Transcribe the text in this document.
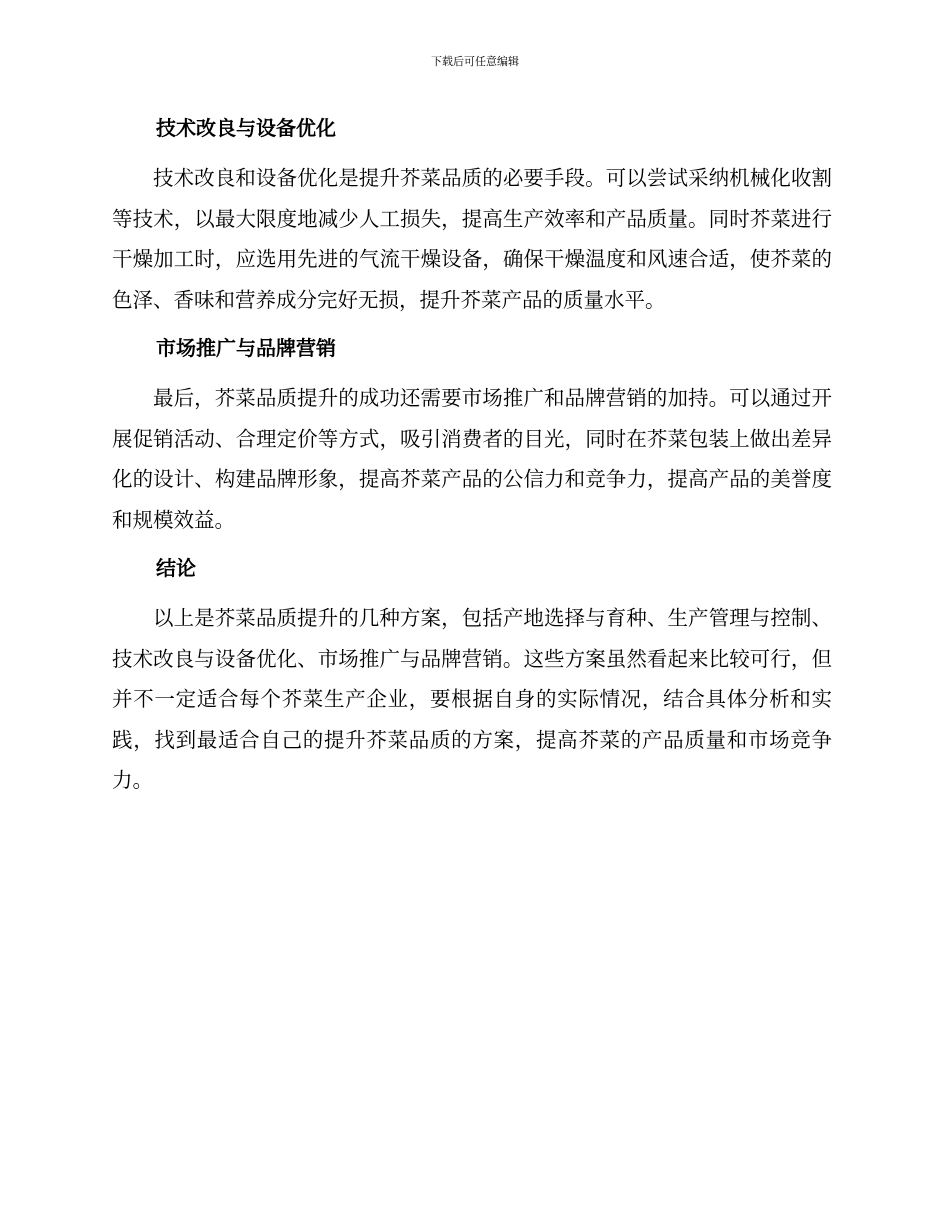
下载后可任意编辑
技术改良与设备优化

技术改良和设备优化是提升芥菜品质的必要手段。可以尝试采纳机械化收割等技术，以最大限度地减少人工损失，提高生产效率和产品质量。同时芥菜进行干燥加工时，应选用先进的气流干燥设备，确保干燥温度和风速合适，使芥菜的色泽、香味和营养成分完好无损，提升芥菜产品的质量水平。

市场推广与品牌营销

最后，芥菜品质提升的成功还需要市场推广和品牌营销的加持。可以通过开展促销活动、合理定价等方式，吸引消费者的目光，同时在芥菜包装上做出差异化的设计、构建品牌形象，提高芥菜产品的公信力和竞争力，提高产品的美誉度和规模效益。

结论

以上是芥菜品质提升的几种方案，包括产地选择与育种、生产管理与控制、技术改良与设备优化、市场推广与品牌营销。这些方案虽然看起来比较可行，但并不一定适合每个芥菜生产企业，要根据自身的实际情况，结合具体分析和实践，找到最适合自己的提升芥菜品质的方案，提高芥菜的产品质量和市场竞争力。
